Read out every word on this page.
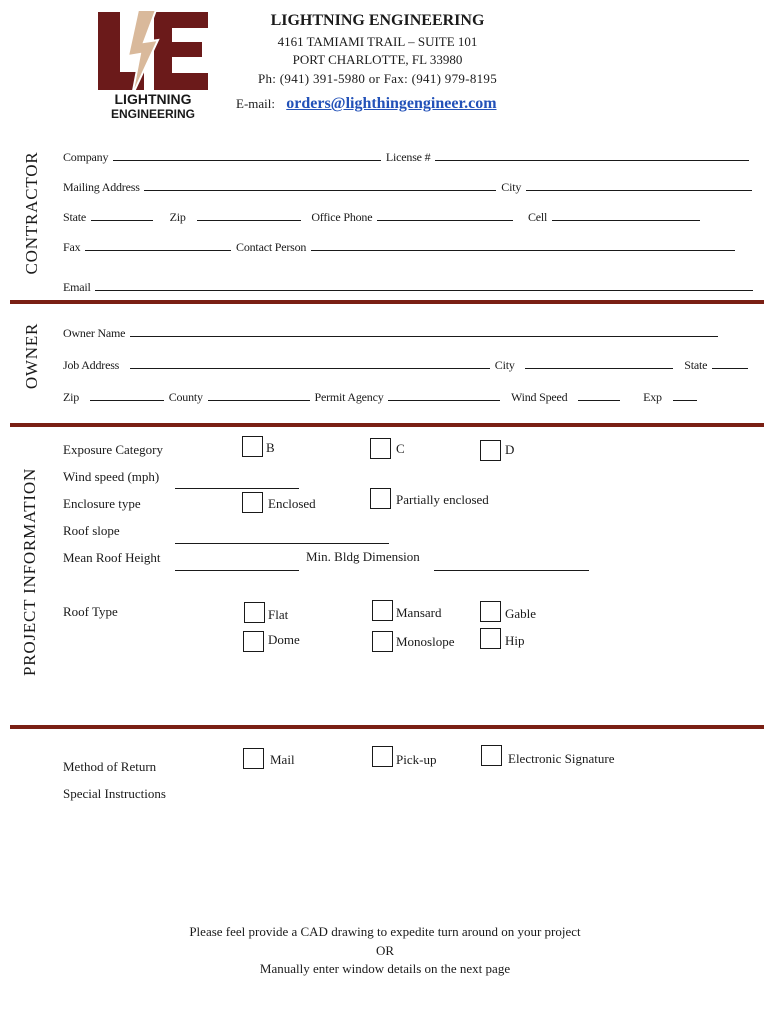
LIGHTNING
ENGINEERING
LIGHTNING ENGINEERING
4161 TAMIAMI TRAIL – SUITE 101
PORT CHARLOTTE, FL 33980
Ph: (941) 391-5980 or Fax: (941) 979-8195
E-mail: orders@lighthingengineer.com
CONTRACTOR
OWNER
PROJECT INFORMATION
Company	License #
Mailing Address	City
State	Zip	Office Phone	Cell
Fax	Contact Person
Email
Owner Name
Job Address	City	State
Zip	County	Permit Agency	Wind Speed	Exp
Exposure Category	B	C	D
Wind speed (mph)
Enclosure type	Enclosed	Partially enclosed
Roof slope
Mean Roof Height	Min. Bldg Dimension
Roof Type	Flat	Mansard	Gable
Dome	Monoslope	Hip
Method of Return	Mail	Pick-up	Electronic Signature
Special Instructions
Please feel provide a CAD drawing to expedite turn around on your project
OR
Manually enter window details on the next page
